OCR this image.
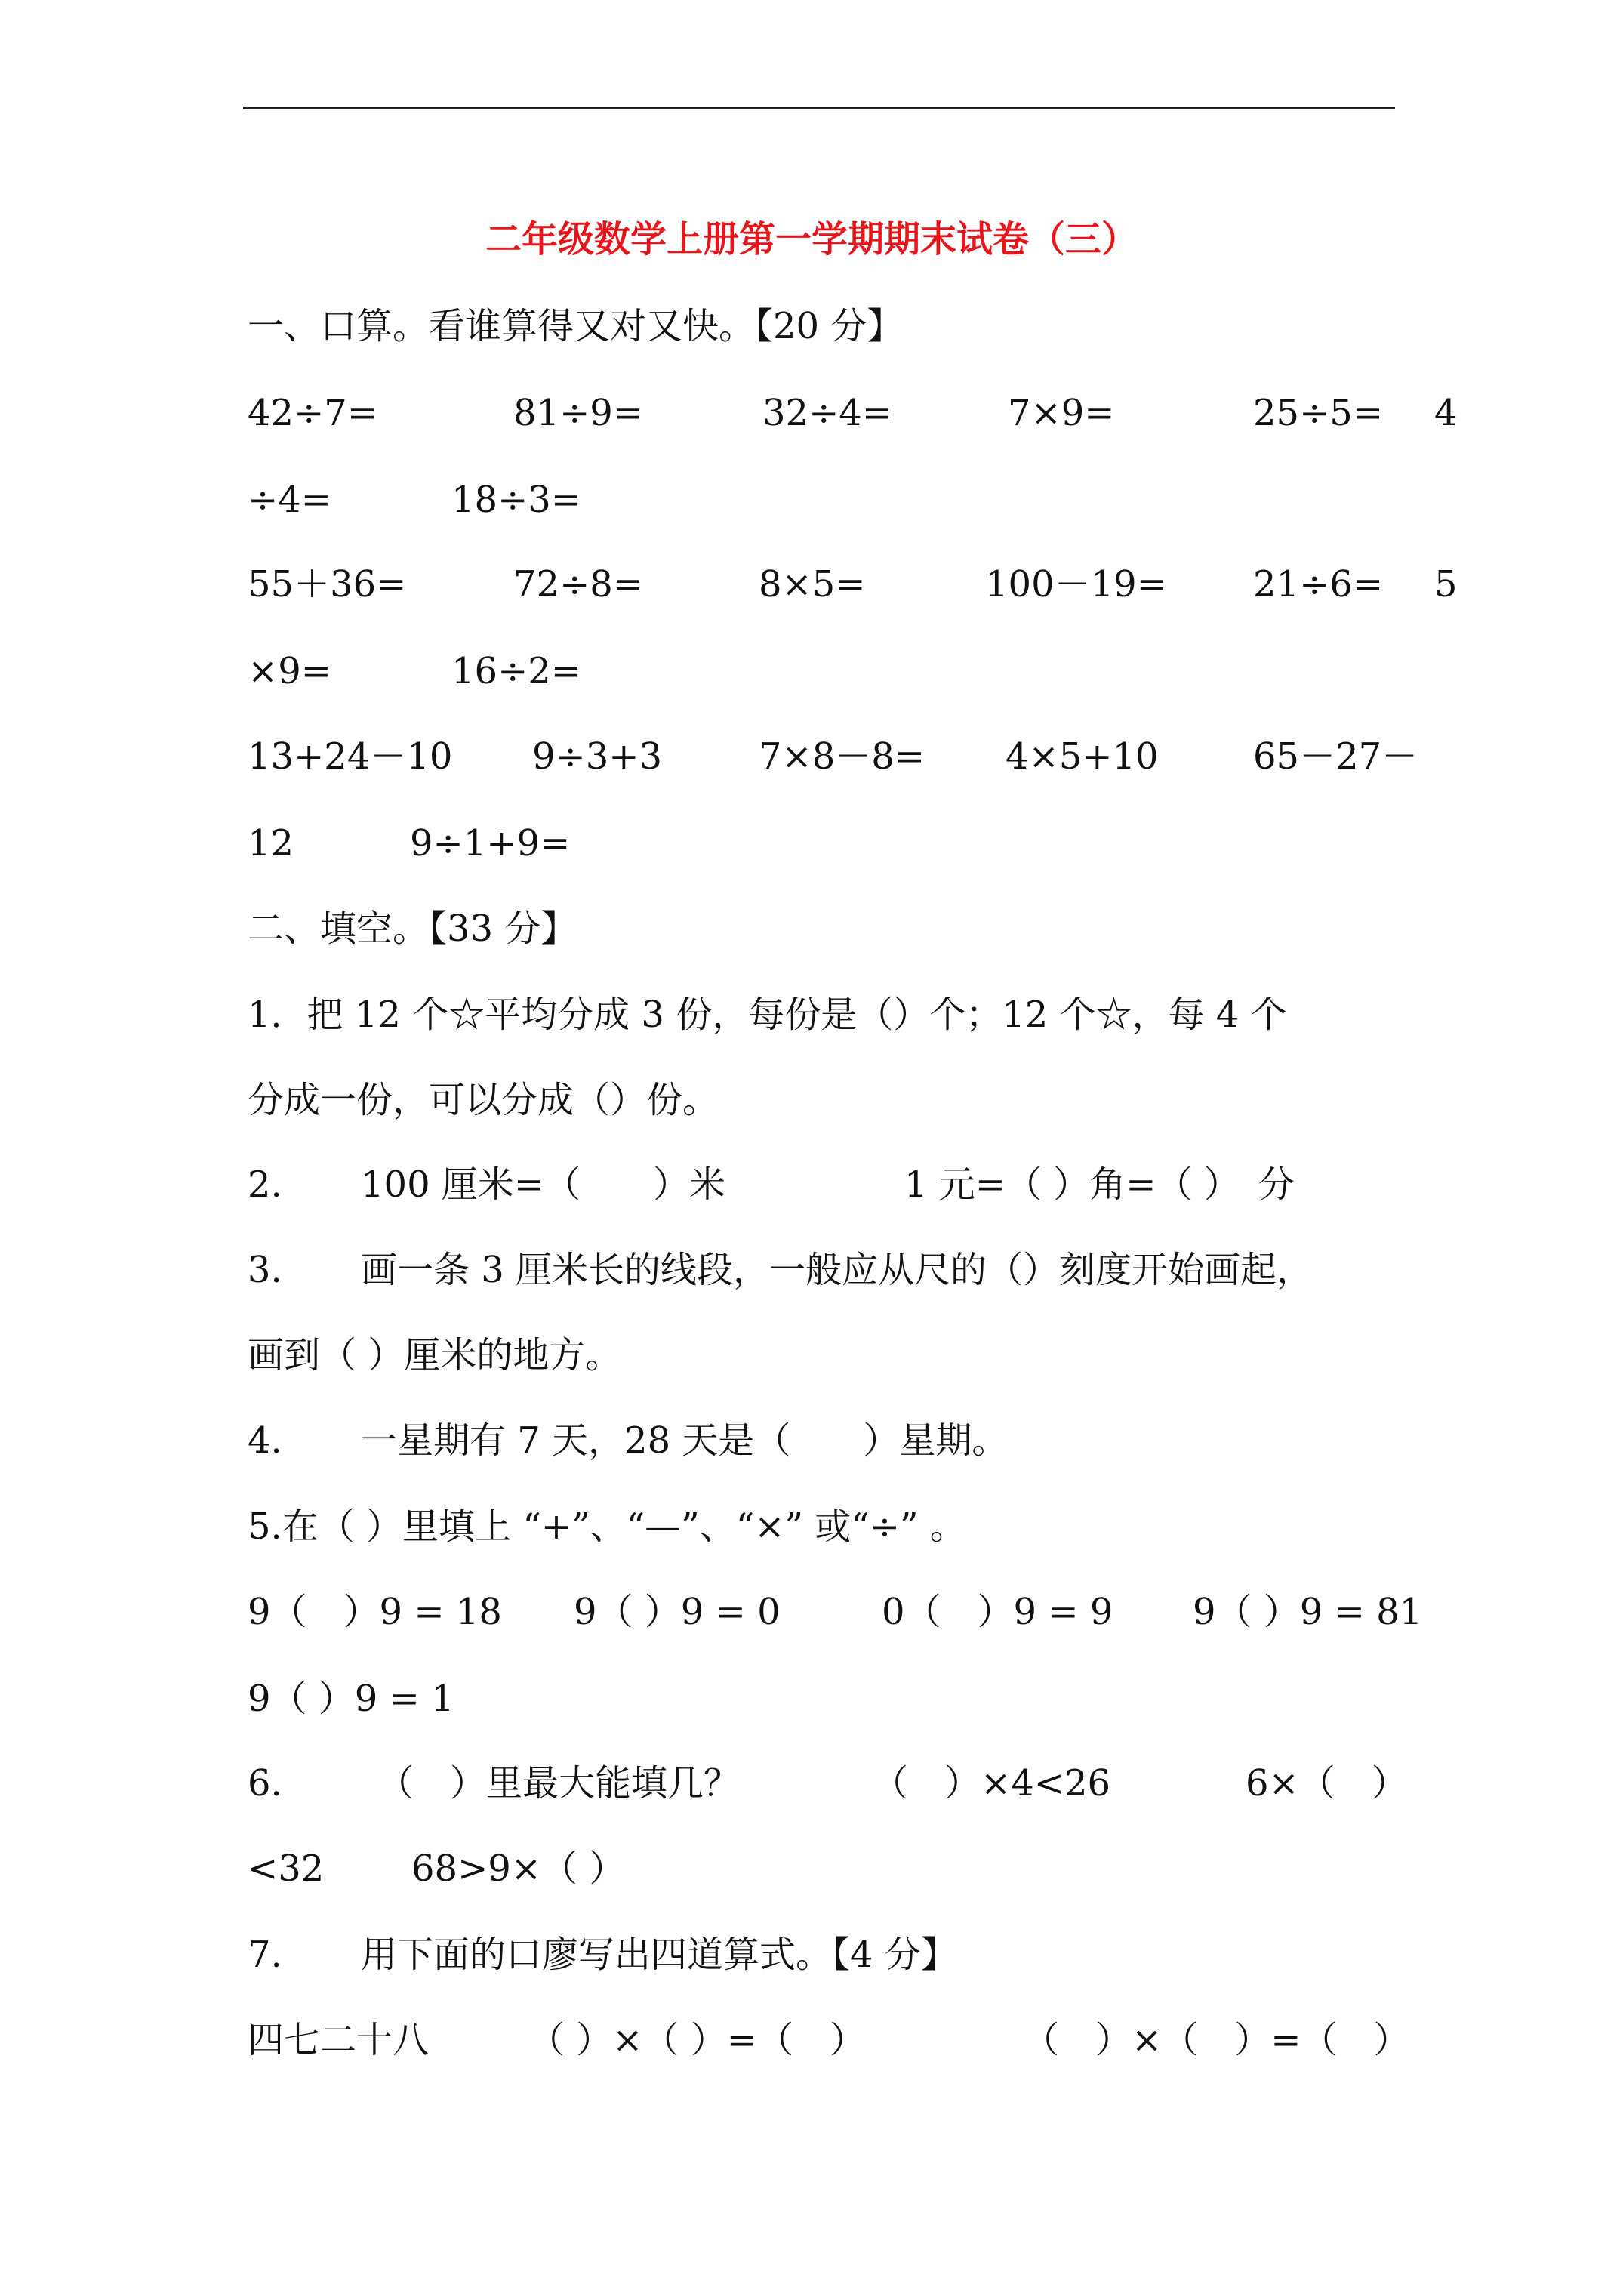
二年级数学上册第一学期期末试卷（三）
一、口算。看谁算得又对又快。【20 分】
42÷7=	81÷9=	32÷4=	7×9=	25÷5= 4
÷4=	18÷3=
55＋36=	72÷8=	8×5=	100－19= 21÷6= 5
×9=	16÷2=
13+24－10 9÷3+3	7×8－8= 4×5+10	65－27－
12	9÷1+9=
二、填空。【33 分】
1．把 12 个☆平均分成 3 份，每份是（）个；12 个☆，每 4 个
分成一份，可以分成（）份。
2. 100 厘米=（　　）米	1 元=（ ）角=（ ）　分
3. 画一条 3 厘米长的线段，一般应从尺的（）刻度开始画起，
画到（ ）厘米的地方。
4. 一星期有 7 天，28 天是（　　）星期。
5.在（ ）里填上 “+”、“—”、“×” 或“÷” 。
9（　）9 = 18 9（ ）9 = 0	0（　）9 = 9 9（ ）9 = 81
9（ ）9 = 1
6.	（　）里最大能填几？	（　）×4<26	6×（　）
<32 68>9×（ ）
7. 用下面的口廖写出四道算式。【4 分】
四七二十八	（ ）×（ ）=（　）	（　）×（　）=（　）
